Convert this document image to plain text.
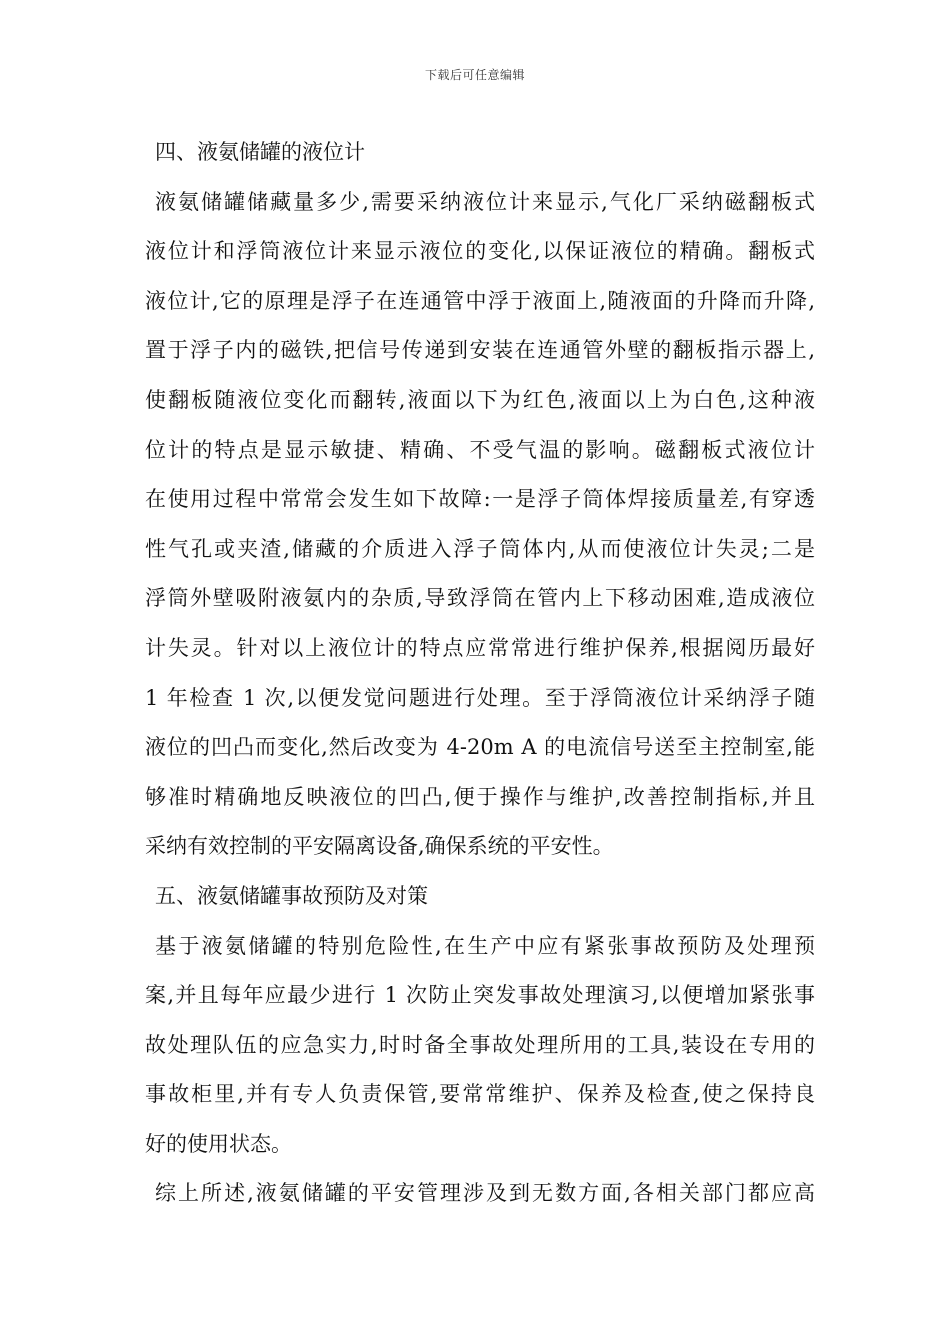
下载后可任意编辑
四、液氨储罐的液位计
液氨储罐储藏量多少,需要采纳液位计来显示,气化厂采纳磁翻板式
液位计和浮筒液位计来显示液位的变化,以保证液位的精确。翻板式
液位计,它的原理是浮子在连通管中浮于液面上,随液面的升降而升降,
置于浮子内的磁铁,把信号传递到安装在连通管外壁的翻板指示器上,
使翻板随液位变化而翻转,液面以下为红色,液面以上为白色,这种液
位计的特点是显示敏捷、精确、不受气温的影响。磁翻板式液位计
在使用过程中常常会发生如下故障:一是浮子筒体焊接质量差,有穿透
性气孔或夹渣,储藏的介质进入浮子筒体内,从而使液位计失灵;二是
浮筒外壁吸附液氨内的杂质,导致浮筒在管内上下移动困难,造成液位
计失灵。针对以上液位计的特点应常常进行维护保养,根据阅历最好
1 年检查 1 次,以便发觉问题进行处理。至于浮筒液位计采纳浮子随
液位的凹凸而变化,然后改变为 4-20m A 的电流信号送至主控制室,能
够准时精确地反映液位的凹凸,便于操作与维护,改善控制指标,并且
采纳有效控制的平安隔离设备,确保系统的平安性。
五、液氨储罐事故预防及对策
基于液氨储罐的特别危险性,在生产中应有紧张事故预防及处理预
案,并且每年应最少进行 1 次防止突发事故处理演习,以便增加紧张事
故处理队伍的应急实力,时时备全事故处理所用的工具,装设在专用的
事故柜里,并有专人负责保管,要常常维护、保养及检查,使之保持良
好的使用状态。
综上所述,液氨储罐的平安管理涉及到无数方面,各相关部门都应高
